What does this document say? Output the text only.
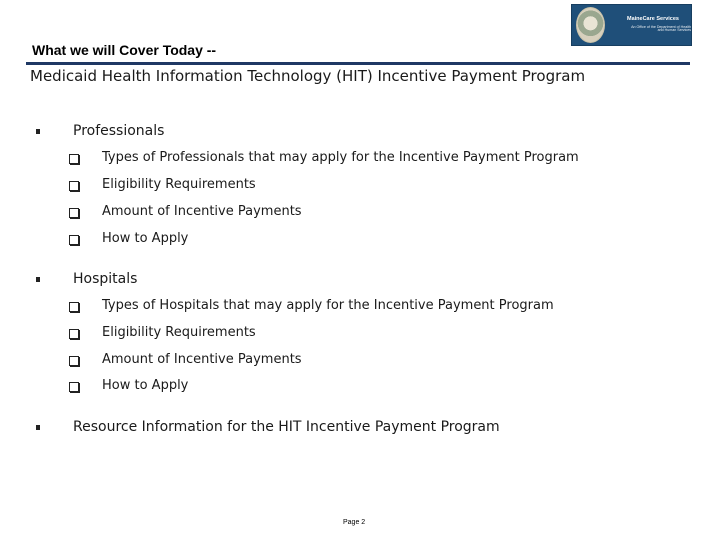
MaineCare Services
An Office of the Department of Health and Human Services
What we will Cover Today --
Medicaid Health Information Technology (HIT) Incentive Payment Program
Professionals
Types of Professionals that may apply for the Incentive Payment Program
Eligibility Requirements
Amount of Incentive Payments
How to Apply
Hospitals
Types of Hospitals that may apply for the Incentive Payment Program
Eligibility Requirements
Amount of Incentive Payments
How to Apply
Resource Information for the HIT Incentive Payment Program
Page 2
